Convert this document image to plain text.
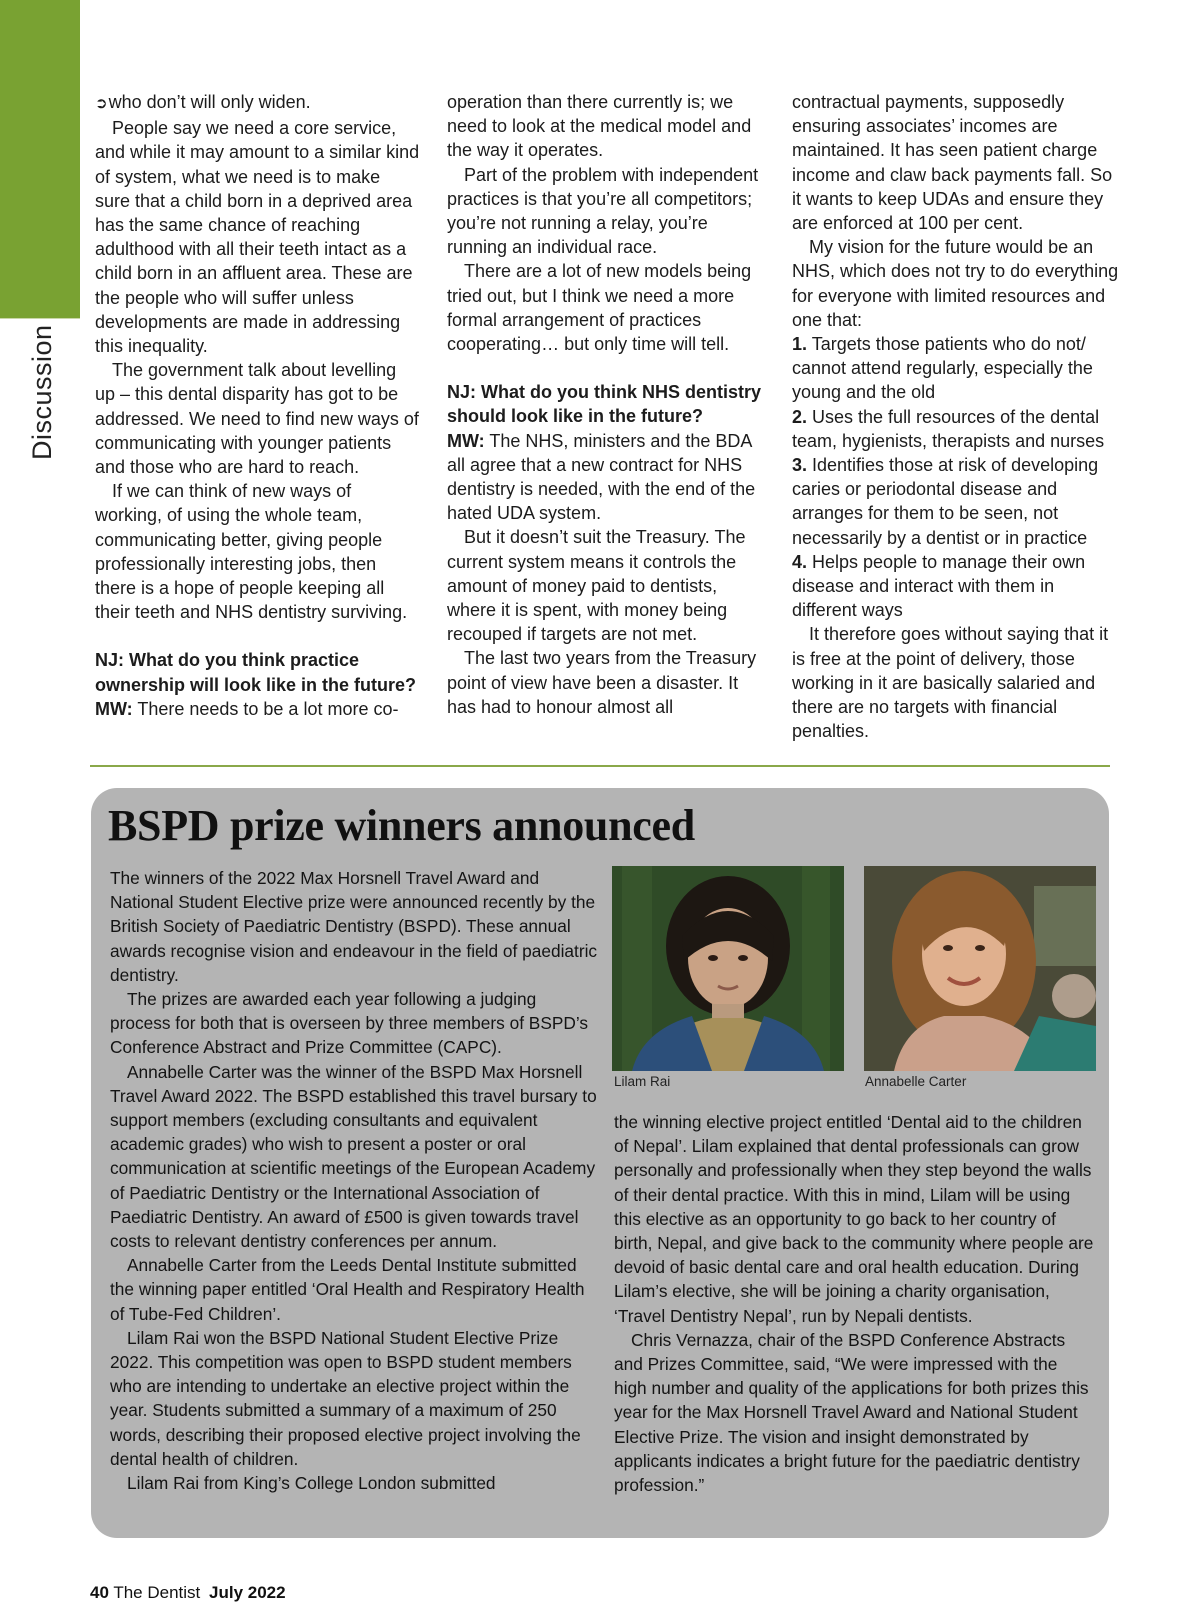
Discussion

➲who don’t will only widen.

People say we need a core service, and while it may amount to a similar kind of system, what we need is to make sure that a child born in a deprived area has the same chance of reaching adulthood with all their teeth intact as a child born in an affluent area. These are the people who will suffer unless developments are made in addressing this inequality.

The government talk about levelling up – this dental disparity has got to be addressed. We need to find new ways of communicating with younger patients and those who are hard to reach.

If we can think of new ways of working, of using the whole team, communicating better, giving people professionally interesting jobs, then there is a hope of people keeping all their teeth and NHS dentistry surviving.

NJ: What do you think practice ownership will look like in the future?

MW: There needs to be a lot more co-

operation than there currently is; we need to look at the medical model and the way it operates.

Part of the problem with independent practices is that you’re all competitors; you’re not running a relay, you’re running an individual race.

There are a lot of new models being tried out, but I think we need a more formal arrangement of practices cooperating… but only time will tell.

NJ: What do you think NHS dentistry should look like in the future?

MW: The NHS, ministers and the BDA all agree that a new contract for NHS dentistry is needed, with the end of the hated UDA system.

But it doesn’t suit the Treasury. The current system means it controls the amount of money paid to dentists, where it is spent, with money being recouped if targets are not met.

The last two years from the Treasury point of view have been a disaster. It has had to honour almost all

contractual payments, supposedly ensuring associates’ incomes are maintained. It has seen patient charge income and claw back payments fall. So it wants to keep UDAs and ensure they are enforced at 100 per cent.

My vision for the future would be an NHS, which does not try to do everything for everyone with limited resources and one that:

1. Targets those patients who do not/ cannot attend regularly, especially the young and the old

2. Uses the full resources of the dental team, hygienists, therapists and nurses

3. Identifies those at risk of developing caries or periodontal disease and arranges for them to be seen, not necessarily by a dentist or in practice

4. Helps people to manage their own disease and interact with them in different ways

It therefore goes without saying that it is free at the point of delivery, those working in it are basically salaried and there are no targets with financial penalties.

BSPD prize winners announced

The winners of the 2022 Max Horsnell Travel Award and National Student Elective prize were announced recently by the British Society of Paediatric Dentistry (BSPD). These annual awards recognise vision and endeavour in the field of paediatric dentistry.

The prizes are awarded each year following a judging process for both that is overseen by three members of BSPD’s Conference Abstract and Prize Committee (CAPC).

Annabelle Carter was the winner of the BSPD Max Horsnell Travel Award 2022. The BSPD established this travel bursary to support members (excluding consultants and equivalent academic grades) who wish to present a poster or oral communication at scientific meetings of the European Academy of Paediatric Dentistry or the International Association of Paediatric Dentistry. An award of £500 is given towards travel costs to relevant dentistry conferences per annum.

Annabelle Carter from the Leeds Dental Institute submitted the winning paper entitled ‘Oral Health and Respiratory Health of Tube-Fed Children’.

Lilam Rai won the BSPD National Student Elective Prize 2022. This competition was open to BSPD student members who are intending to undertake an elective project within the year. Students submitted a summary of a maximum of 250 words, describing their proposed elective project involving the dental health of children.

Lilam Rai from King’s College London submitted

Lilam Rai	Annabelle Carter

the winning elective project entitled ‘Dental aid to the children of Nepal’. Lilam explained that dental professionals can grow personally and professionally when they step beyond the walls of their dental practice. With this in mind, Lilam will be using this elective as an opportunity to go back to her country of birth, Nepal, and give back to the community where people are devoid of basic dental care and oral health education. During Lilam’s elective, she will be joining a charity organisation, ‘Travel Dentistry Nepal’, run by Nepali dentists.

Chris Vernazza, chair of the BSPD Conference Abstracts and Prizes Committee, said, “We were impressed with the high number and quality of the applications for both prizes this year for the Max Horsnell Travel Award and National Student Elective Prize. The vision and insight demonstrated by applicants indicates a bright future for the paediatric dentistry profession.”

40 The Dentist July 2022
